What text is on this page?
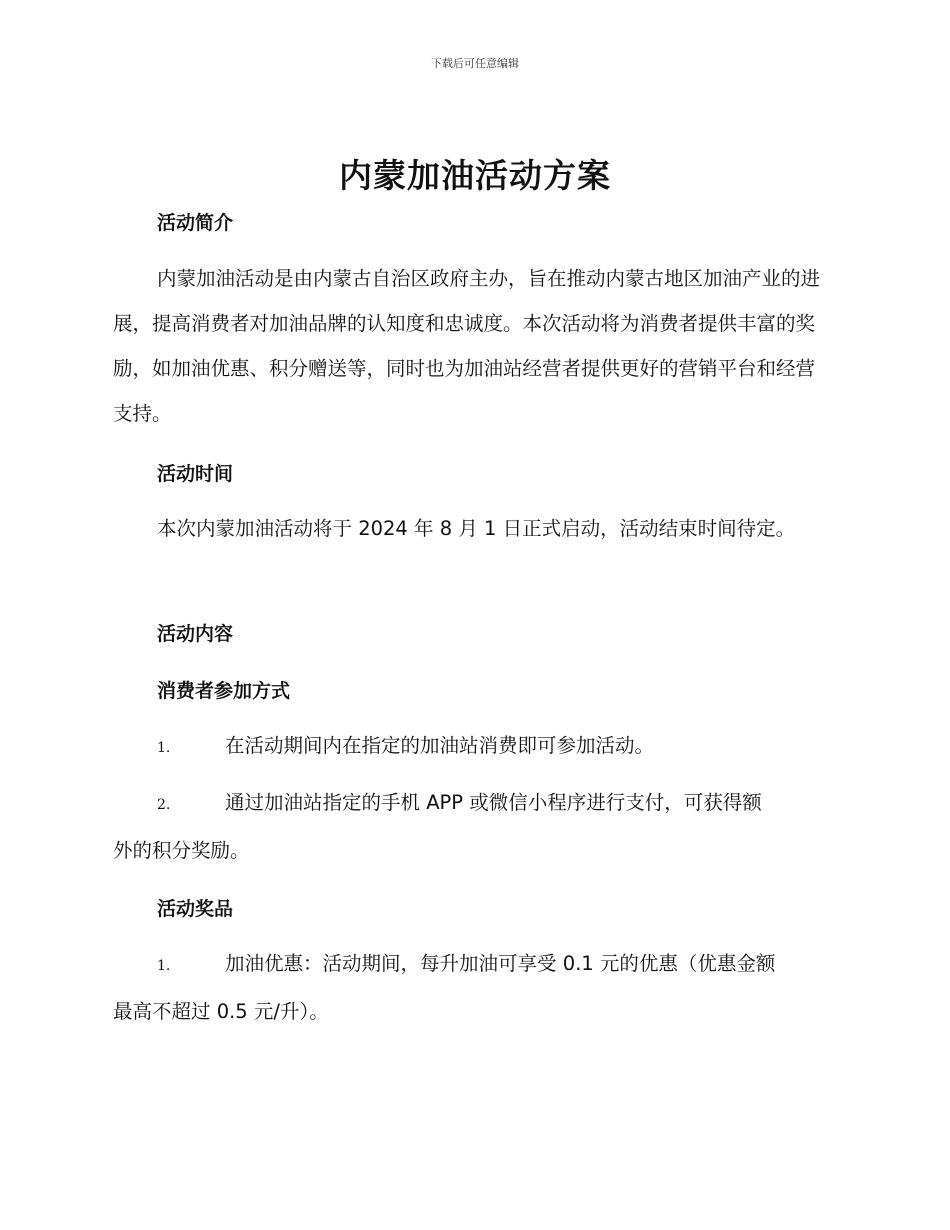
下载后可任意编辑
内蒙加油活动方案
活动简介
内蒙加油活动是由内蒙古自治区政府主办，旨在推动内蒙古地区加油产业的进展，提高消费者对加油品牌的认知度和忠诚度。本次活动将为消费者提供丰富的奖励，如加油优惠、积分赠送等，同时也为加油站经营者提供更好的营销平台和经营支持。
活动时间
本次内蒙加油活动将于 2024 年 8 月 1 日正式启动，活动结束时间待定。
活动内容
消费者参加方式
1.	在活动期间内在指定的加油站消费即可参加活动。
2.	通过加油站指定的手机 APP 或微信小程序进行支付，可获得额
外的积分奖励。
活动奖品
1.	加油优惠：活动期间，每升加油可享受 0.1 元的优惠（优惠金额
最高不超过 0.5 元/升）。
